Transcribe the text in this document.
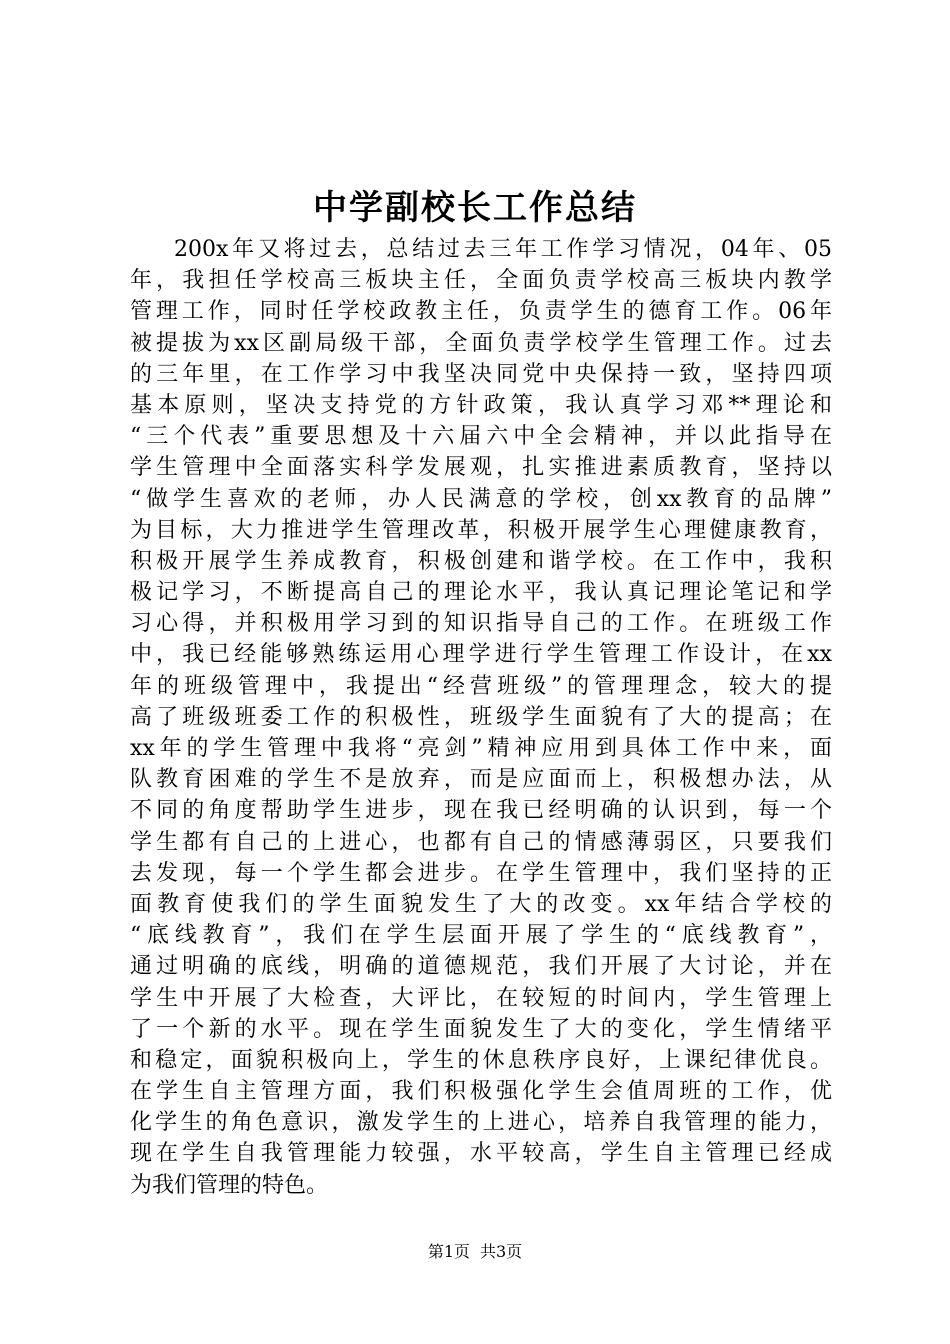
中学副校长工作总结
200x年又将过去，总结过去三年工作学习情况，04年、05
年，我担任学校高三板块主任，全面负责学校高三板块内教学
管理工作，同时任学校政教主任，负责学生的德育工作。06年
被提拔为xx区副局级干部，全面负责学校学生管理工作。过去
的三年里，在工作学习中我坚决同党中央保持一致，坚持四项
基本原则，坚决支持党的方针政策，我认真学习邓**理论和
“三个代表”重要思想及十六届六中全会精神，并以此指导在
学生管理中全面落实科学发展观，扎实推进素质教育，坚持以
“做学生喜欢的老师，办人民满意的学校，创xx教育的品牌”
为目标，大力推进学生管理改革，积极开展学生心理健康教育，
积极开展学生养成教育，积极创建和谐学校。在工作中，我积
极记学习，不断提高自己的理论水平，我认真记理论笔记和学
习心得，并积极用学习到的知识指导自己的工作。在班级工作
中，我已经能够熟练运用心理学进行学生管理工作设计，在xx
年的班级管理中，我提出“经营班级”的管理理念，较大的提
高了班级班委工作的积极性，班级学生面貌有了大的提高；在
xx年的学生管理中我将“亮剑”精神应用到具体工作中来，面
队教育困难的学生不是放弃，而是应面而上，积极想办法，从
不同的角度帮助学生进步，现在我已经明确的认识到，每一个
学生都有自己的上进心，也都有自己的情感薄弱区，只要我们
去发现，每一个学生都会进步。在学生管理中，我们坚持的正
面教育使我们的学生面貌发生了大的改变。xx年结合学校的
“底线教育”，我们在学生层面开展了学生的“底线教育”，
通过明确的底线，明确的道德规范，我们开展了大讨论，并在
学生中开展了大检查，大评比，在较短的时间内，学生管理上
了一个新的水平。现在学生面貌发生了大的变化，学生情绪平
和稳定，面貌积极向上，学生的休息秩序良好，上课纪律优良。
在学生自主管理方面，我们积极强化学生会值周班的工作，优
化学生的角色意识，激发学生的上进心，培养自我管理的能力，
现在学生自我管理能力较强，水平较高，学生自主管理已经成
为我们管理的特色。
第1页 共3页
